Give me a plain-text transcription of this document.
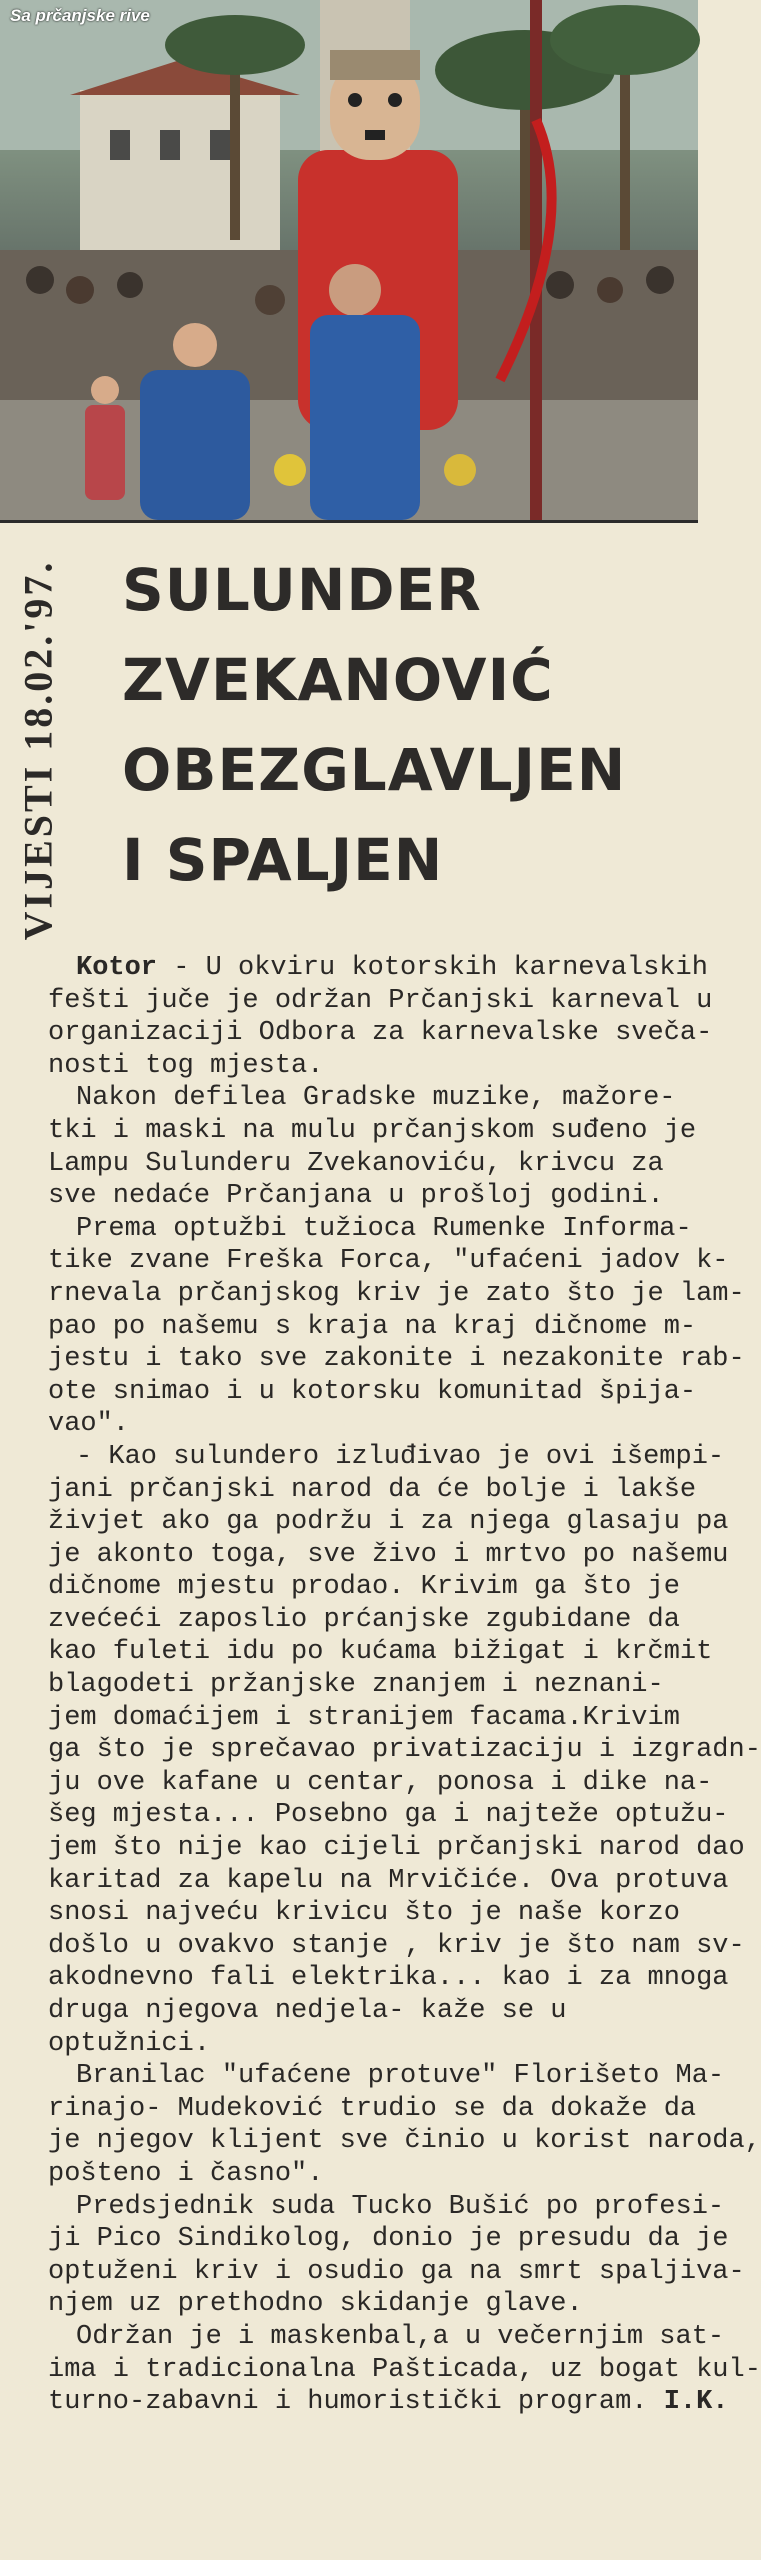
Sa prčanjske rive
VIJESTI 18.02.'97. SULUNDER
ZVEKANOVIĆ
OBEZGLAVLJEN
I SPALJEN
Kotor - U okviru kotorskih karnevalskih
fešti juče je održan Prčanjski karneval u
organizaciji Odbora za karnevalske sveča-
nosti tog mjesta.
Nakon defilea Gradske muzike, mažore-
tki i maski na mulu prčanjskom suđeno je
Lampu Sulunderu Zvekanoviću, krivcu za
sve nedaće Prčanjana u prošloj godini.
Prema optužbi tužioca Rumenke Informa-
tike zvane Freška Forca, "ufaćeni jadov k-
rnevala prčanjskog kriv je zato što je lam-
pao po našemu s kraja na kraj dičnome m-
jestu i tako sve zakonite i nezakonite rab-
ote snimao i u kotorsku komunitad špija-
vao".
- Kao sulundero izluđivao je ovi išempi-
jani prčanjski narod da će bolje i lakše
živjet ako ga podržu i za njega glasaju pa
je akonto toga, sve živo i mrtvo po našemu
dičnome mjestu prodao. Krivim ga što je
zvećeći zaposlio prćanjske zgubidane da
kao fuleti idu po kućama bižigat i krčmit
blagodeti pržanjske znanjem i neznani-
jem domaćijem i stranijem facama.Krivim
ga što je sprečavao privatizaciju i izgradn-
ju ove kafane u centar, ponosa i dike na-
šeg mjesta... Posebno ga i najteže optužu-
jem što nije kao cijeli prčanjski narod dao
karitad za kapelu na Mrvičiće. Ova protuva
snosi najveću krivicu što je naše korzo
došlo u ovakvo stanje , kriv je što nam sv-
akodnevno fali elektrika... kao i za mnoga
druga njegova nedjela- kaže se u
optužnici.
Branilac "ufaćene protuve" Florišeto Ma-
rinajo- Mudeković trudio se da dokaže da
je njegov klijent sve činio u korist naroda,
pošteno i časno".
Predsjednik suda Tucko Bušić po profesi-
ji Pico Sindikolog, donio je presudu da je
optuženi kriv i osudio ga na smrt spaljiva-
njem uz prethodno skidanje glave.
Održan je i maskenbal,a u večernjim sat-
ima i tradicionalna Pašticada, uz bogat kul-
turno-zabavni i humoristički program. I.K.
